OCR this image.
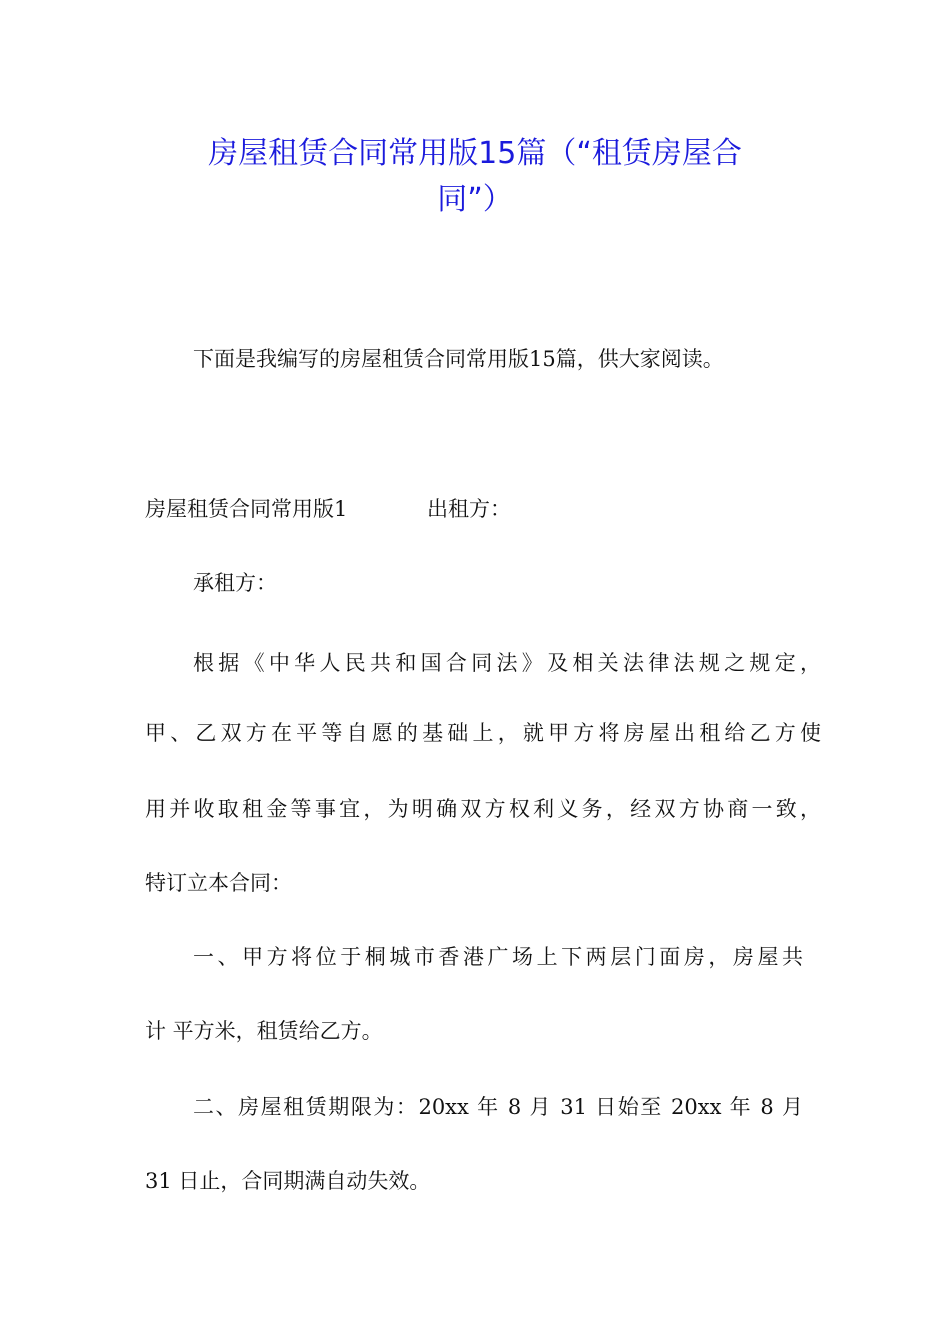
房屋租赁合同常用版15篇（“租赁房屋合
同”）
下面是我编写的房屋租赁合同常用版15篇，供大家阅读。
房屋租赁合同常用版1	出租方：
承租方：
根据《中华人民共和国合同法》及相关法律法规之规定，
甲、乙双方在平等自愿的基础上，就甲方将房屋出租给乙方使
用并收取租金等事宜，为明确双方权利义务，经双方协商一致，
特订立本合同：
一、甲方将位于桐城市香港广场上下两层门面房，房屋共
计 平方米，租赁给乙方。
二、房屋租赁期限为：20xx 年 8 月 31 日始至 20xx 年 8 月
31 日止，合同期满自动失效。
